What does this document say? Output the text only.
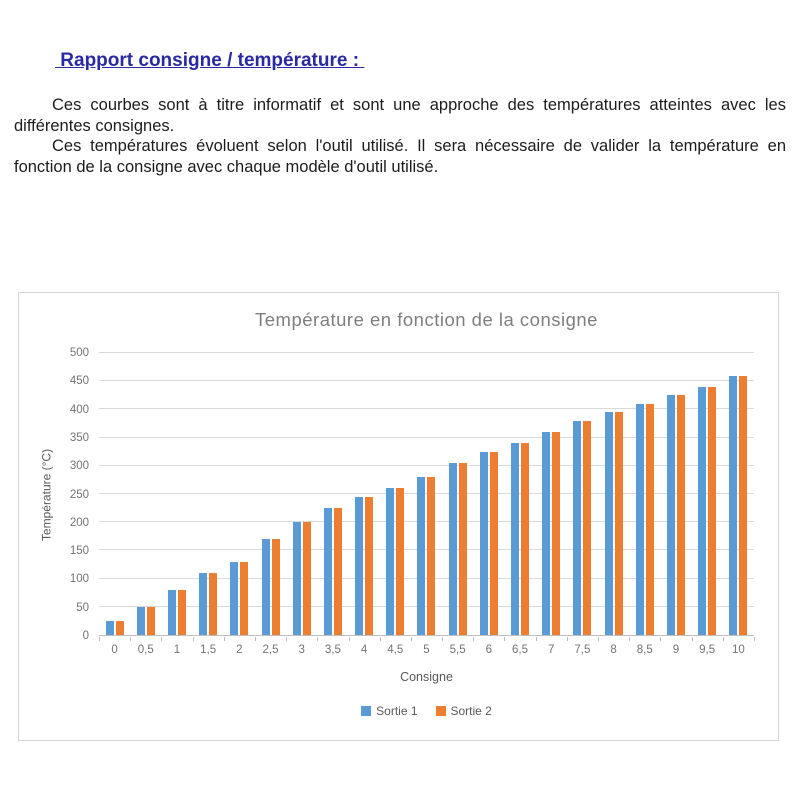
Rapport consigne / température :

Ces courbes sont à titre informatif et sont une approche des températures atteintes avec les différentes consignes.

Ces températures évoluent selon l'outil utilisé. Il sera nécessaire de valider la température en fonction de la consigne avec chaque modèle d'outil utilisé.

Température en fonction de la consigne
Température (°C)
0
50
100
150
200
250
300
350
400
450
500
0	0,5	1	1,5	2	2,5	3	3,5	4	4,5	5	5,5	6	6,5	7	7,5	8	8,5	9	9,5	10
Consigne
Sortie 1	Sortie 2
